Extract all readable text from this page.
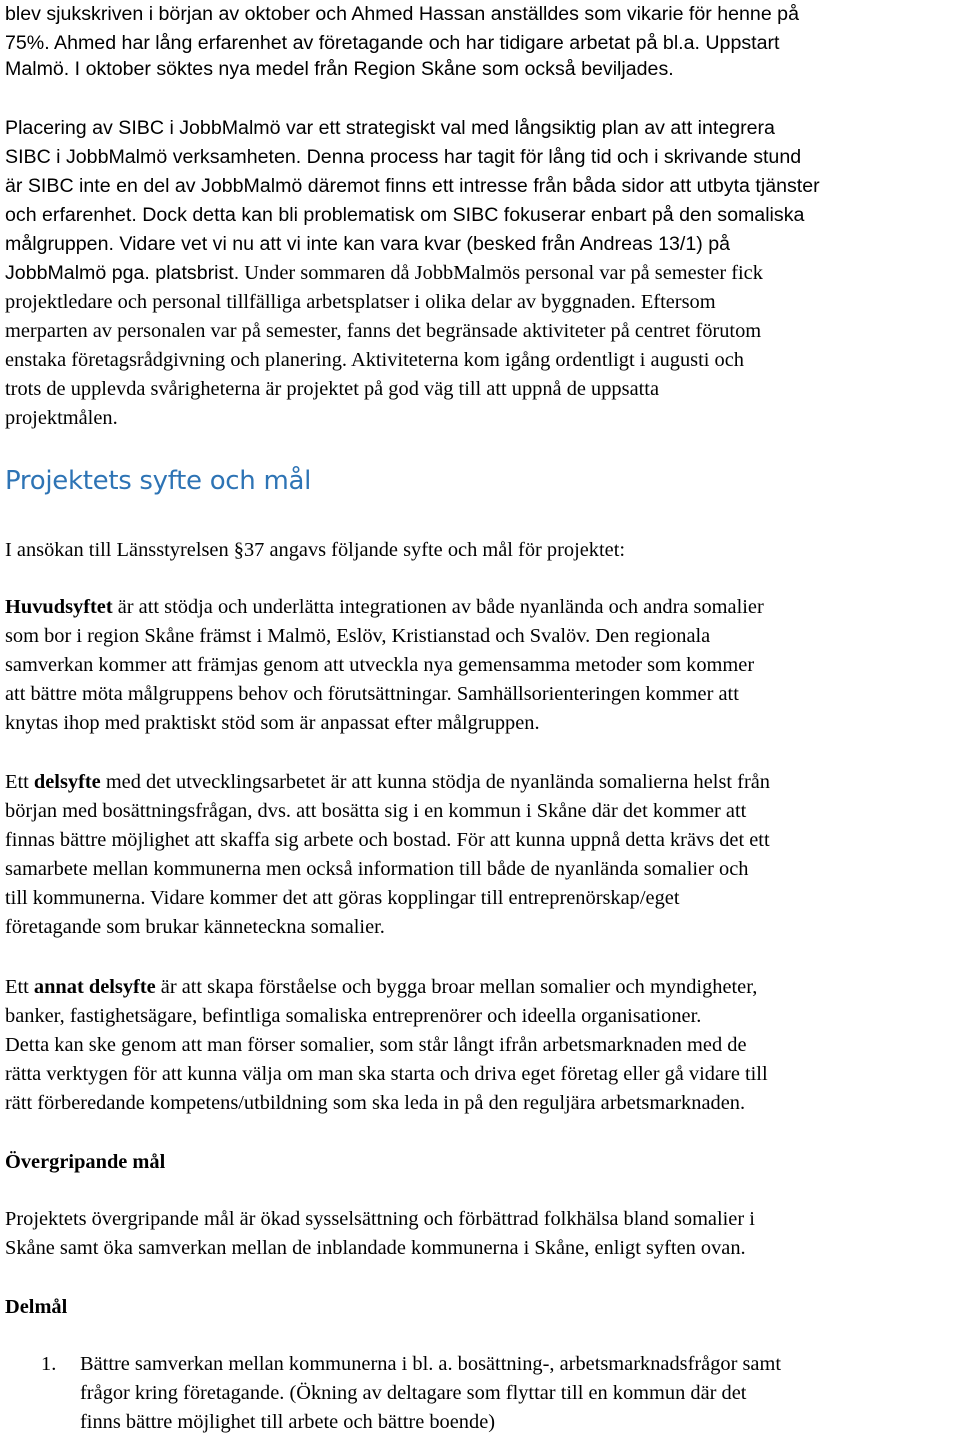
blev sjukskriven i början av oktober och Ahmed Hassan anställdes som vikarie för henne på
75%. Ahmed har lång erfarenhet av företagande och har tidigare arbetat på bl.a. Uppstart
Malmö. I oktober söktes nya medel från Region Skåne som också beviljades.
Placering av SIBC i JobbMalmö var ett strategiskt val med långsiktig plan av att integrera
SIBC i JobbMalmö verksamheten. Denna process har tagit för lång tid och i skrivande stund
är SIBC inte en del av JobbMalmö däremot finns ett intresse från båda sidor att utbyta tjänster
och erfarenhet. Dock detta kan bli problematisk om SIBC fokuserar enbart på den somaliska
målgruppen. Vidare vet vi nu att vi inte kan vara kvar (besked från Andreas 13/1) på
JobbMalmö pga. platsbrist. Under sommaren då JobbMalmös personal var på semester fick
projektledare och personal tillfälliga arbetsplatser i olika delar av byggnaden. Eftersom
merparten av personalen var på semester, fanns det begränsade aktiviteter på centret förutom
enstaka företagsrådgivning och planering. Aktiviteterna kom igång ordentligt i augusti och
trots de upplevda svårigheterna är projektet på god väg till att uppnå de uppsatta
projektmålen.
Projektets syfte och mål
I ansökan till Länsstyrelsen §37 angavs följande syfte och mål för projektet:
Huvudsyftet är att stödja och underlätta integrationen av både nyanlända och andra somalier
som bor i region Skåne främst i Malmö, Eslöv, Kristianstad och Svalöv. Den regionala
samverkan kommer att främjas genom att utveckla nya gemensamma metoder som kommer
att bättre möta målgruppens behov och förutsättningar. Samhällsorienteringen kommer att
knytas ihop med praktiskt stöd som är anpassat efter målgruppen.
Ett delsyfte med det utvecklingsarbetet är att kunna stödja de nyanlända somalierna helst från
början med bosättningsfrågan, dvs. att bosätta sig i en kommun i Skåne där det kommer att
finnas bättre möjlighet att skaffa sig arbete och bostad. För att kunna uppnå detta krävs det ett
samarbete mellan kommunerna men också information till både de nyanlända somalier och
till kommunerna. Vidare kommer det att göras kopplingar till entreprenörskap/eget
företagande som brukar känneteckna somalier.
Ett annat delsyfte är att skapa förståelse och bygga broar mellan somalier och myndigheter,
banker, fastighetsägare, befintliga somaliska entreprenörer och ideella organisationer.
Detta kan ske genom att man förser somalier, som står långt ifrån arbetsmarknaden med de
rätta verktygen för att kunna välja om man ska starta och driva eget företag eller gå vidare till
rätt förberedande kompetens/utbildning som ska leda in på den reguljära arbetsmarknaden.
Övergripande mål
Projektets övergripande mål är ökad sysselsättning och förbättrad folkhälsa bland somalier i
Skåne samt öka samverkan mellan de inblandade kommunerna i Skåne, enligt syften ovan.
Delmål
1. Bättre samverkan mellan kommunerna i bl. a. bosättning-, arbetsmarknadsfrågor samt
frågor kring företagande. (Ökning av deltagare som flyttar till en kommun där det
finns bättre möjlighet till arbete och bättre boende)
